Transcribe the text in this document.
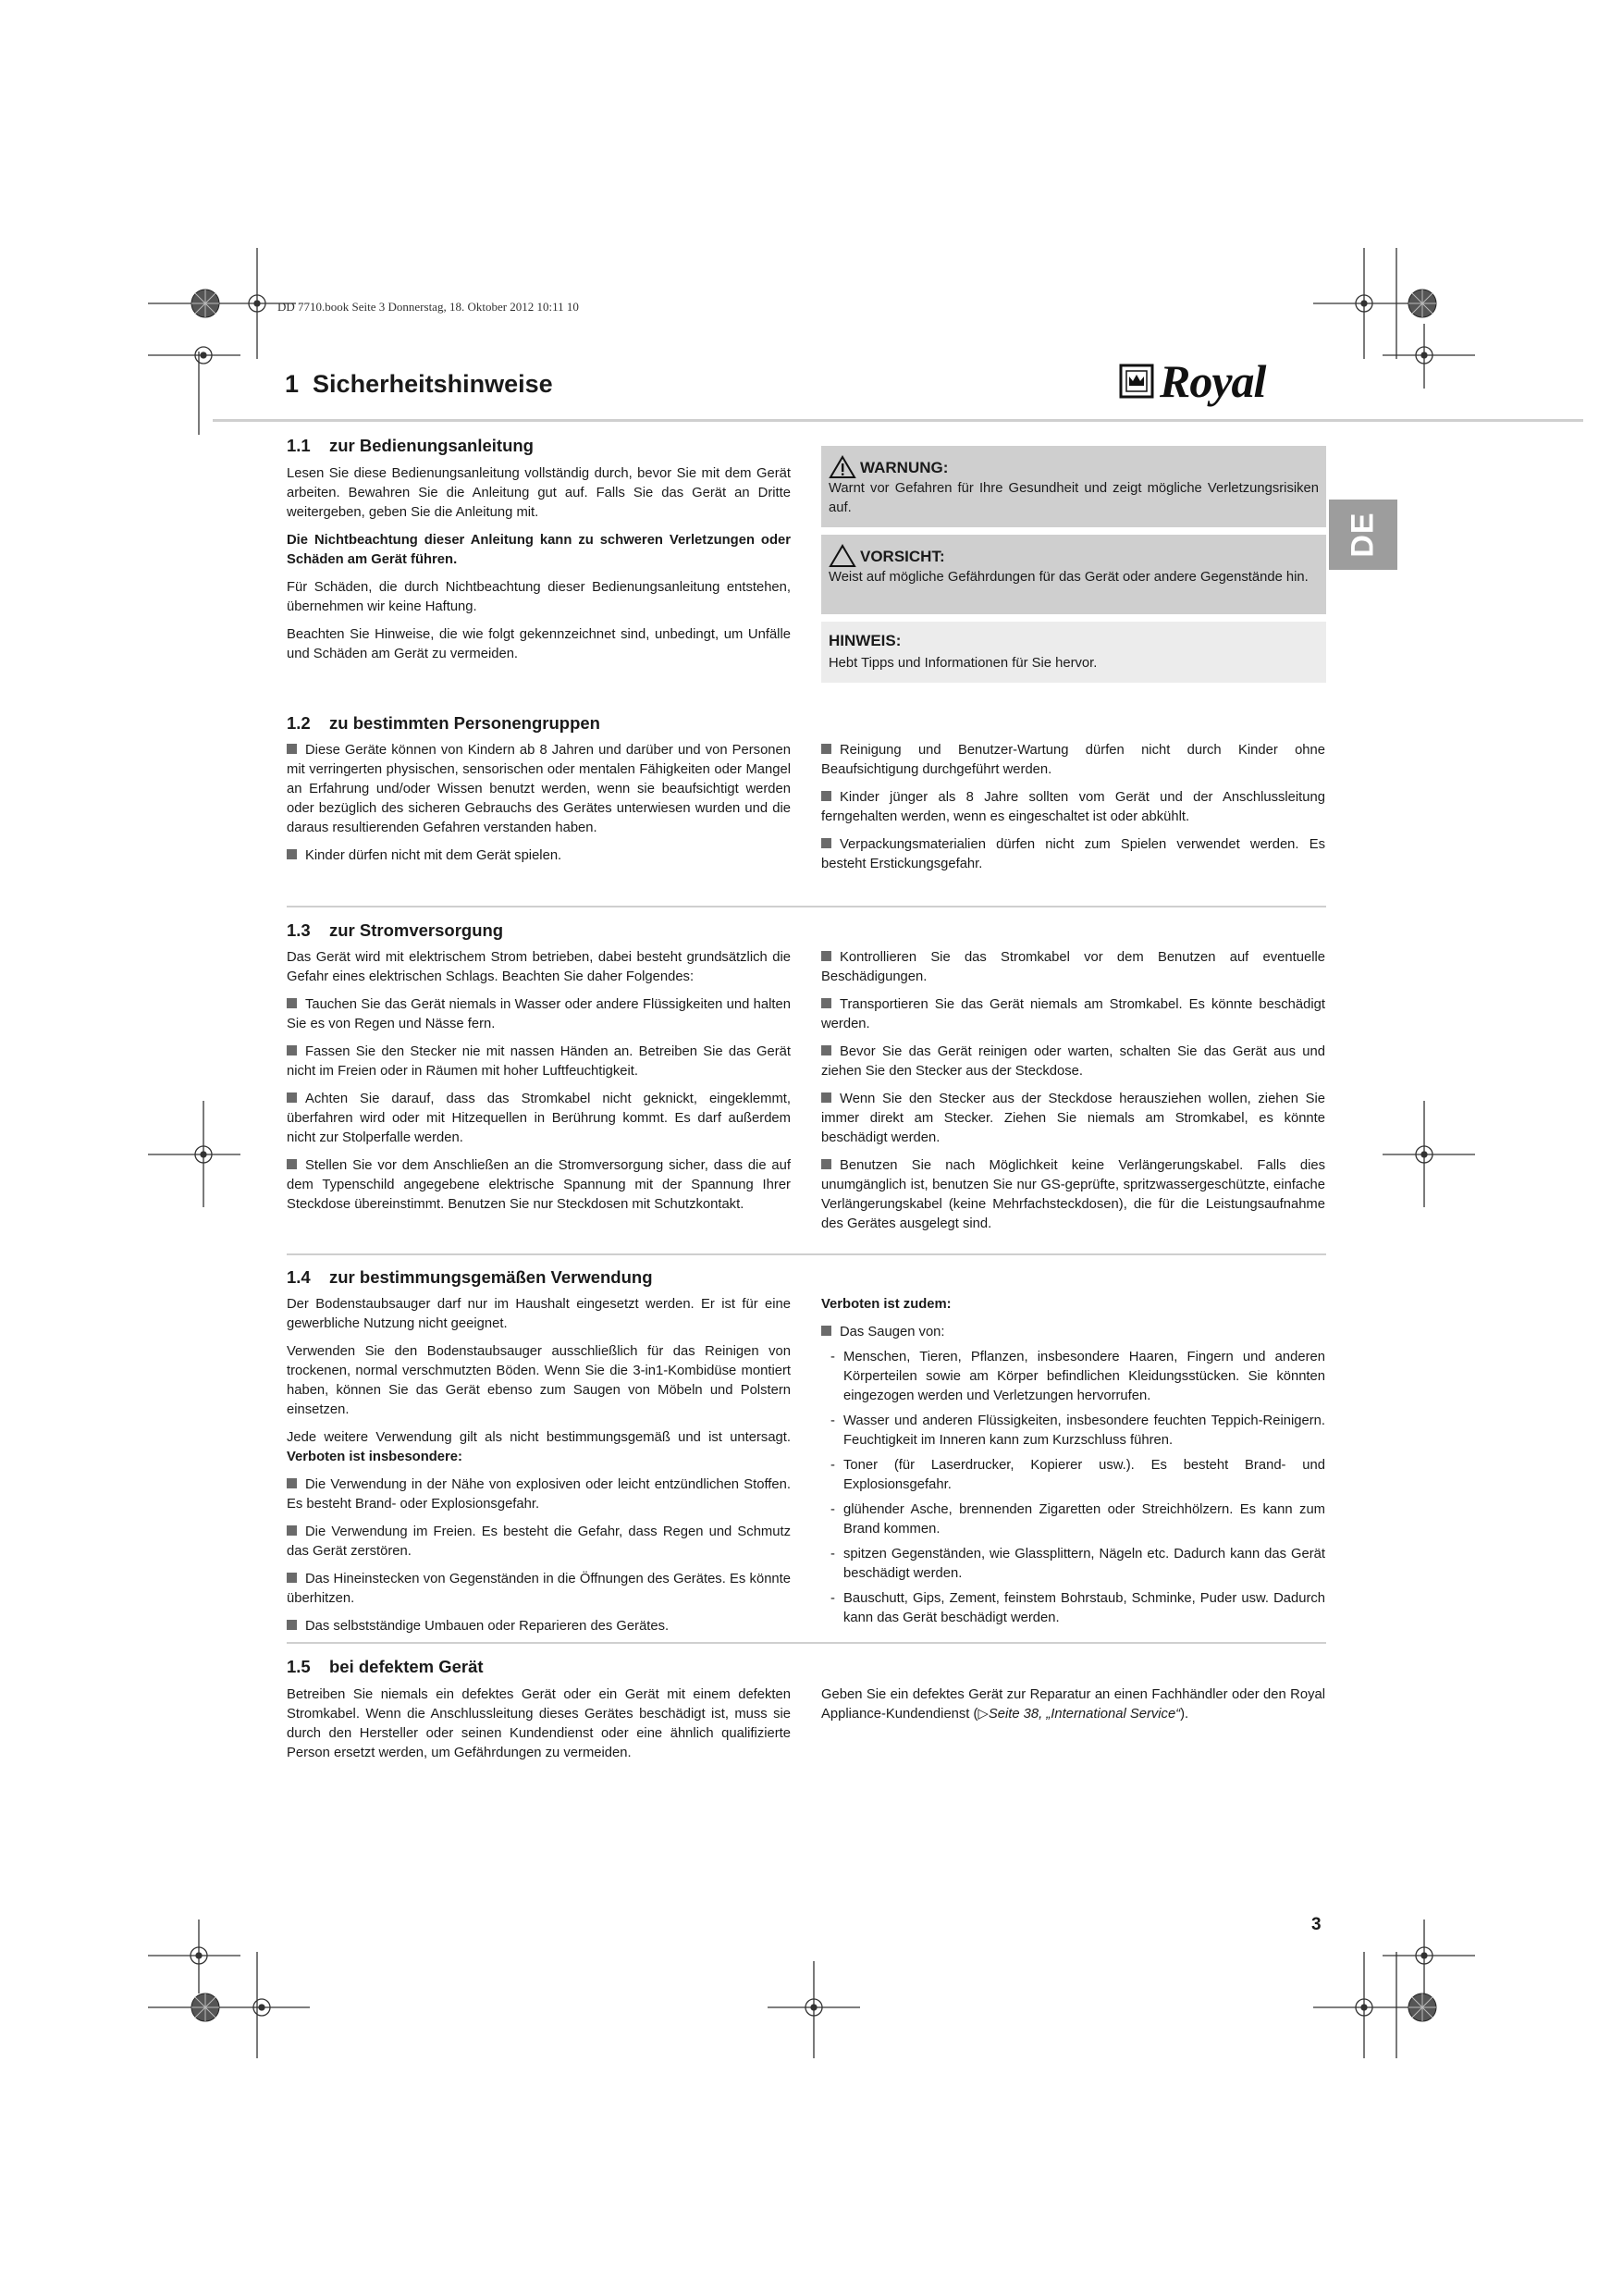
DD 7710.book Seite 3 Donnerstag, 18. Oktober 2012 10:11 10
1 Sicherheitshinweise	Royal
DE
1.1 zur Bedienungsanleitung

Lesen Sie diese Bedienungsanleitung vollständig durch, bevor Sie mit dem Gerät arbeiten. Bewahren Sie die Anleitung gut auf. Falls Sie das Gerät an Dritte weitergeben, geben Sie die Anleitung mit.

Die Nichtbeachtung dieser Anleitung kann zu schweren Verletzungen oder Schäden am Gerät führen.

Für Schäden, die durch Nichtbeachtung dieser Bedienungsanleitung entstehen, übernehmen wir keine Haftung.

Beachten Sie Hinweise, die wie folgt gekennzeichnet sind, unbedingt, um Unfälle und Schäden am Gerät zu vermeiden.

WARNUNG:
Warnt vor Gefahren für Ihre Gesundheit und zeigt mögliche Verletzungsrisiken auf.
VORSICHT:
Weist auf mögliche Gefährdungen für das Gerät oder andere Gegenstände hin.
HINWEIS:
Hebt Tipps und Informationen für Sie hervor.
1.2 zu bestimmten Personengruppen

Diese Geräte können von Kindern ab 8 Jahren und darüber und von Personen mit verringerten physischen, sensorischen oder mentalen Fähigkeiten oder Mangel an Erfahrung und/oder Wissen benutzt werden, wenn sie beaufsichtigt werden oder bezüglich des sicheren Gebrauchs des Gerätes unterwiesen wurden und die daraus resultierenden Gefahren verstanden haben.

Kinder dürfen nicht mit dem Gerät spielen.

Reinigung und Benutzer-Wartung dürfen nicht durch Kinder ohne Beaufsichtigung durchgeführt werden.

Kinder jünger als 8 Jahre sollten vom Gerät und der Anschlussleitung ferngehalten werden, wenn es eingeschaltet ist oder abkühlt.

Verpackungsmaterialien dürfen nicht zum Spielen verwendet werden. Es besteht Erstickungsgefahr.

1.3 zur Stromversorgung

Das Gerät wird mit elektrischem Strom betrieben, dabei besteht grundsätzlich die Gefahr eines elektrischen Schlags. Beachten Sie daher Folgendes:

Tauchen Sie das Gerät niemals in Wasser oder andere Flüssigkeiten und halten Sie es von Regen und Nässe fern.

Fassen Sie den Stecker nie mit nassen Händen an. Betreiben Sie das Gerät nicht im Freien oder in Räumen mit hoher Luftfeuchtigkeit.

Achten Sie darauf, dass das Stromkabel nicht geknickt, eingeklemmt, überfahren wird oder mit Hitzequellen in Berührung kommt. Es darf außerdem nicht zur Stolperfalle werden.

Stellen Sie vor dem Anschließen an die Stromversorgung sicher, dass die auf dem Typenschild angegebene elektrische Spannung mit der Spannung Ihrer Steckdose übereinstimmt. Benutzen Sie nur Steckdosen mit Schutzkontakt.

Kontrollieren Sie das Stromkabel vor dem Benutzen auf eventuelle Beschädigungen.

Transportieren Sie das Gerät niemals am Stromkabel. Es könnte beschädigt werden.

Bevor Sie das Gerät reinigen oder warten, schalten Sie das Gerät aus und ziehen Sie den Stecker aus der Steckdose.

Wenn Sie den Stecker aus der Steckdose herausziehen wollen, ziehen Sie immer direkt am Stecker. Ziehen Sie niemals am Stromkabel, es könnte beschädigt werden.

Benutzen Sie nach Möglichkeit keine Verlängerungskabel. Falls dies unumgänglich ist, benutzen Sie nur GS-geprüfte, spritzwassergeschützte, einfache Verlängerungskabel (keine Mehrfachsteckdosen), die für die Leistungsaufnahme des Gerätes ausgelegt sind.

1.4 zur bestimmungsgemäßen Verwendung

Der Bodenstaubsauger darf nur im Haushalt eingesetzt werden. Er ist für eine gewerbliche Nutzung nicht geeignet.

Verwenden Sie den Bodenstaubsauger ausschließlich für das Reinigen von trockenen, normal verschmutzten Böden. Wenn Sie die 3-in1-Kombidüse montiert haben, können Sie das Gerät ebenso zum Saugen von Möbeln und Polstern einsetzen.

Jede weitere Verwendung gilt als nicht bestimmungsgemäß und ist untersagt. Verboten ist insbesondere:

Die Verwendung in der Nähe von explosiven oder leicht entzündlichen Stoffen. Es besteht Brand- oder Explosionsgefahr.

Die Verwendung im Freien. Es besteht die Gefahr, dass Regen und Schmutz das Gerät zerstören.

Das Hineinstecken von Gegenständen in die Öffnungen des Gerätes. Es könnte überhitzen.

Das selbstständige Umbauen oder Reparieren des Gerätes.

Verboten ist zudem:

Das Saugen von:

- Menschen, Tieren, Pflanzen, insbesondere Haaren, Fingern und anderen Körperteilen sowie am Körper befindlichen Kleidungsstücken. Sie könnten eingezogen werden und Verletzungen hervorrufen.
- Wasser und anderen Flüssigkeiten, insbesondere feuchten Teppich-Reinigern. Feuchtigkeit im Inneren kann zum Kurzschluss führen.
- Toner (für Laserdrucker, Kopierer usw.). Es besteht Brand- und Explosionsgefahr.
- glühender Asche, brennenden Zigaretten oder Streichhölzern. Es kann zum Brand kommen.
- spitzen Gegenständen, wie Glassplittern, Nägeln etc. Dadurch kann das Gerät beschädigt werden.
- Bauschutt, Gips, Zement, feinstem Bohrstaub, Schminke, Puder usw. Dadurch kann das Gerät beschädigt werden.
1.5 bei defektem Gerät

Betreiben Sie niemals ein defektes Gerät oder ein Gerät mit einem defekten Stromkabel. Wenn die Anschlussleitung dieses Gerätes beschädigt ist, muss sie durch den Hersteller oder seinen Kundendienst oder eine ähnlich qualifizierte Person ersetzt werden, um Gefährdungen zu vermeiden.

Geben Sie ein defektes Gerät zur Reparatur an einen Fachhändler oder den Royal Appliance-Kundendienst (▷Seite 38, „International Service“).

3
